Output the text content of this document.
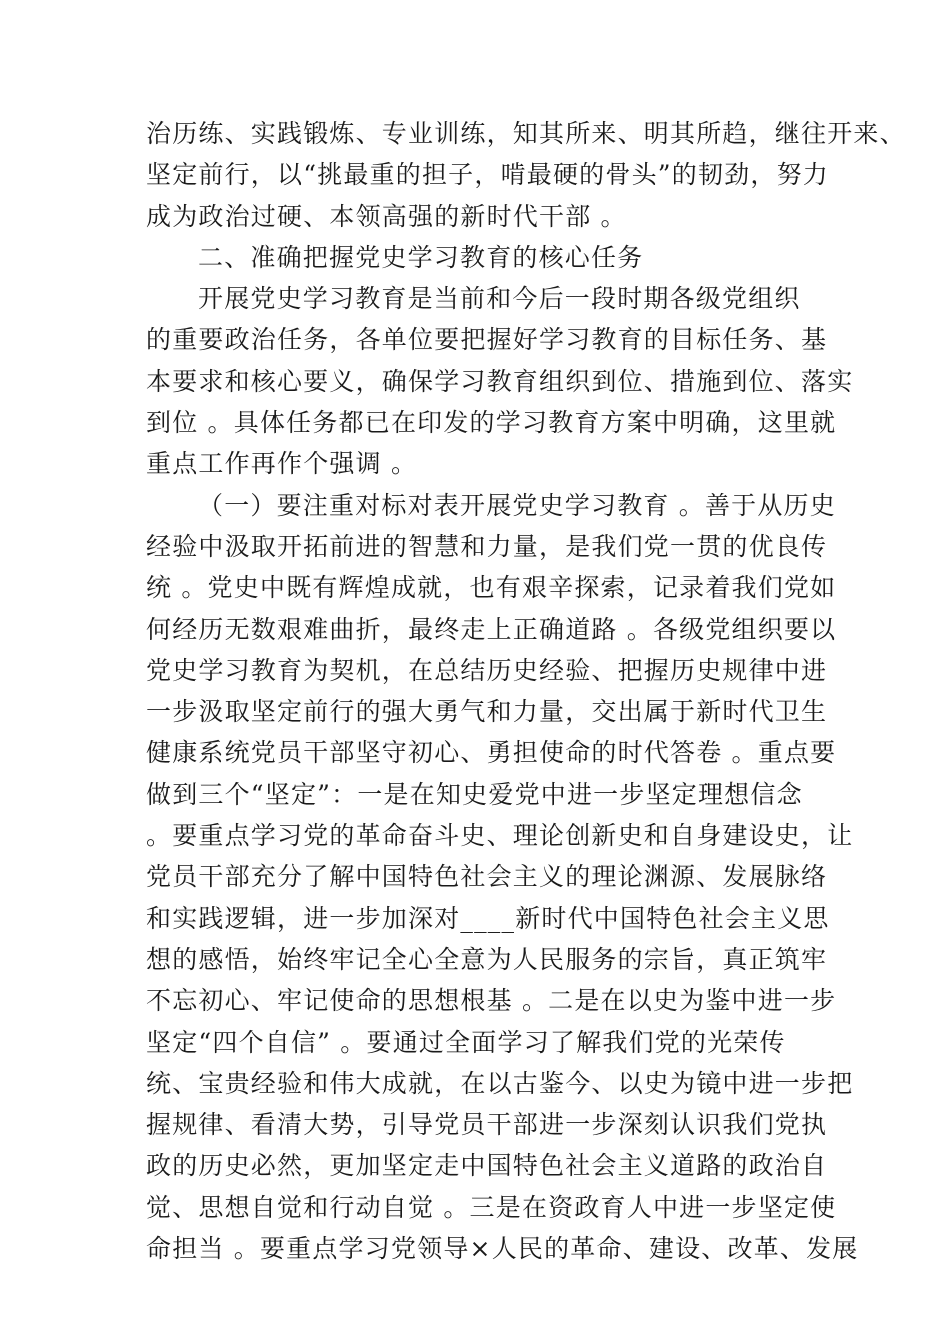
治历练、实践锻炼、专业训练，知其所来、明其所趋，继往开来、
坚定前行，以“挑最重的担子，啃最硬的骨头”的韧劲，努力
成为政治过硬、本领高强的新时代干部 。
二、准确把握党史学习教育的核心任务
开展党史学习教育是当前和今后一段时期各级党组织
的重要政治任务，各单位要把握好学习教育的目标任务、基
本要求和核心要义，确保学习教育组织到位、措施到位、落实
到位 。具体任务都已在印发的学习教育方案中明确，这里就
重点工作再作个强调 。
（一）要注重对标对表开展党史学习教育 。善于从历史
经验中汲取开拓前进的智慧和力量，是我们党一贯的优良传
统 。党史中既有辉煌成就，也有艰辛探索，记录着我们党如
何经历无数艰难曲折，最终走上正确道路 。各级党组织要以
党史学习教育为契机，在总结历史经验、把握历史规律中进
一步汲取坚定前行的强大勇气和力量，交出属于新时代卫生
健康系统党员干部坚守初心、勇担使命的时代答卷 。重点要
做到三个“坚定”：一是在知史爱党中进一步坚定理想信念
。要重点学习党的革命奋斗史、理论创新史和自身建设史，让
党员干部充分了解中国特色社会主义的理论渊源、发展脉络
和实践逻辑，进一步加深对____新时代中国特色社会主义思
想的感悟，始终牢记全心全意为人民服务的宗旨，真正筑牢
不忘初心、牢记使命的思想根基 。二是在以史为鉴中进一步
坚定“四个自信” 。要通过全面学习了解我们党的光荣传
统、宝贵经验和伟大成就，在以古鉴今、以史为镜中进一步把
握规律、看清大势，引导党员干部进一步深刻认识我们党执
政的历史必然，更加坚定走中国特色社会主义道路的政治自
觉、思想自觉和行动自觉 。三是在资政育人中进一步坚定使
命担当 。要重点学习党领导×人民的革命、建设、改革、发展
